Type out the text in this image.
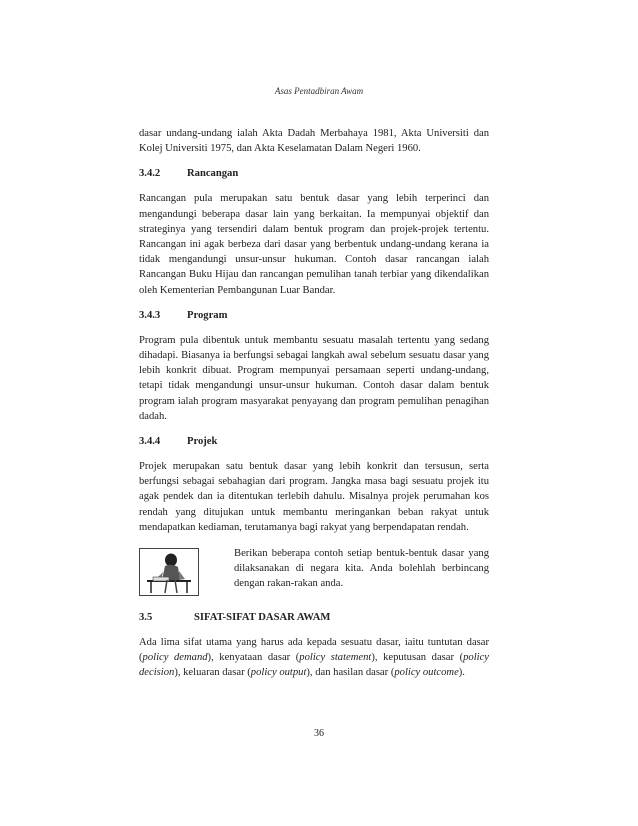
Asas Pentadbiran Awam

dasar undang-undang ialah Akta Dadah Merbahaya 1981, Akta Universiti dan Kolej Universiti 1975, dan Akta Keselamatan Dalam Negeri 1960.

3.4.2	Rancangan

Rancangan pula merupakan satu bentuk dasar yang lebih terperinci dan mengandungi beberapa dasar lain yang berkaitan. Ia mempunyai objektif dan strateginya yang tersendiri dalam bentuk program dan projek-projek tertentu. Rancangan ini agak berbeza dari dasar yang berbentuk undang-undang kerana ia tidak mengandungi unsur-unsur hukuman. Contoh dasar rancangan ialah Rancangan Buku Hijau dan rancangan pemulihan tanah terbiar yang dikendalikan oleh Kementerian Pembangunan Luar Bandar.

3.4.3	Program

Program pula dibentuk untuk membantu sesuatu masalah tertentu yang sedang dihadapi. Biasanya ia berfungsi sebagai langkah awal sebelum sesuatu dasar yang lebih konkrit dibuat. Program mempunyai persamaan seperti undang-undang, tetapi tidak mengandungi unsur-unsur hukuman. Contoh dasar dalam bentuk program ialah program masyarakat penyayang dan program pemulihan penagihan dadah.

3.4.4	Projek

Projek merupakan satu bentuk dasar yang lebih konkrit dan tersusun, serta berfungsi sebagai sebahagian dari program. Jangka masa bagi sesuatu projek itu agak pendek dan ia ditentukan terlebih dahulu. Misalnya projek perumahan kos rendah yang ditujukan untuk membantu meringankan beban rakyat untuk mendapatkan kediaman, terutamanya bagi rakyat yang berpendapatan rendah.

Berikan beberapa contoh setiap bentuk-bentuk dasar yang dilaksanakan di negara kita. Anda bolehlah berbincang dengan rakan-rakan anda.

3.5	SIFAT-SIFAT DASAR AWAM

Ada lima sifat utama yang harus ada kepada sesuatu dasar, iaitu tuntutan dasar (policy demand), kenyataan dasar (policy statement), keputusan dasar (policy decision), keluaran dasar (policy output), dan hasilan dasar (policy outcome).

36
